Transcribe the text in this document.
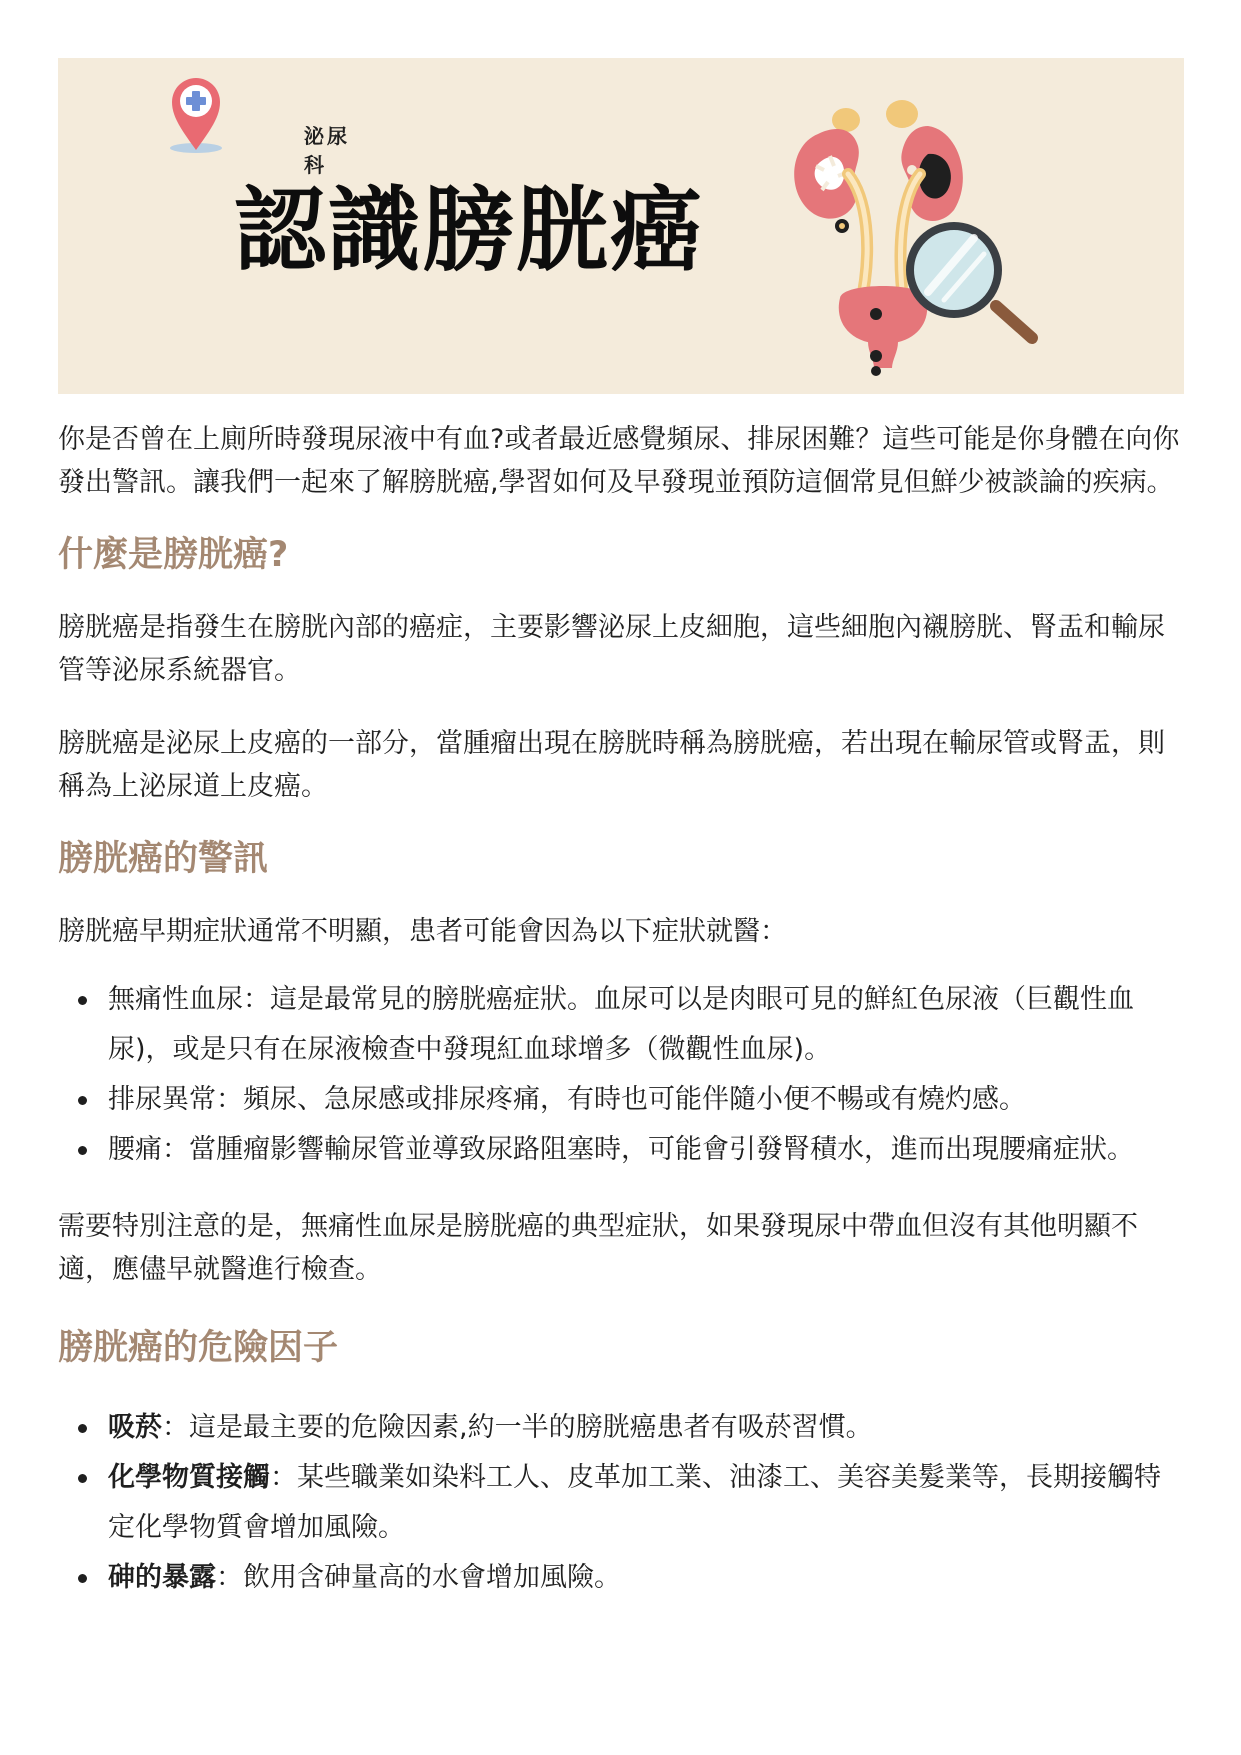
泌尿科
認識膀胱癌

你是否曾在上廁所時發現尿液中有血?或者最近感覺頻尿、排尿困難？這些可能是你身體在向你發出警訊。讓我們一起來了解膀胱癌,學習如何及早發現並預防這個常見但鮮少被談論的疾病。

什麼是膀胱癌?

膀胱癌是指發生在膀胱內部的癌症，主要影響泌尿上皮細胞，這些細胞內襯膀胱、腎盂和輸尿管等泌尿系統器官。

膀胱癌是泌尿上皮癌的一部分，當腫瘤出現在膀胱時稱為膀胱癌，若出現在輸尿管或腎盂，則稱為上泌尿道上皮癌。

膀胱癌的警訊

膀胱癌早期症狀通常不明顯，患者可能會因為以下症狀就醫：

無痛性血尿：這是最常見的膀胱癌症狀。血尿可以是肉眼可見的鮮紅色尿液（巨觀性血尿)，或是只有在尿液檢查中發現紅血球增多（微觀性血尿)。
排尿異常：頻尿、急尿感或排尿疼痛，有時也可能伴隨小便不暢或有燒灼感。
腰痛：當腫瘤影響輸尿管並導致尿路阻塞時，可能會引發腎積水，進而出現腰痛症狀。

需要特別注意的是，無痛性血尿是膀胱癌的典型症狀，如果發現尿中帶血但沒有其他明顯不適，應儘早就醫進行檢查。

膀胱癌的危險因子
吸菸：這是最主要的危險因素,約一半的膀胱癌患者有吸菸習慣。
化學物質接觸：某些職業如染料工人、皮革加工業、油漆工、美容美髮業等，長期接觸特定化學物質會增加風險。
砷的暴露：飲用含砷量高的水會增加風險。
